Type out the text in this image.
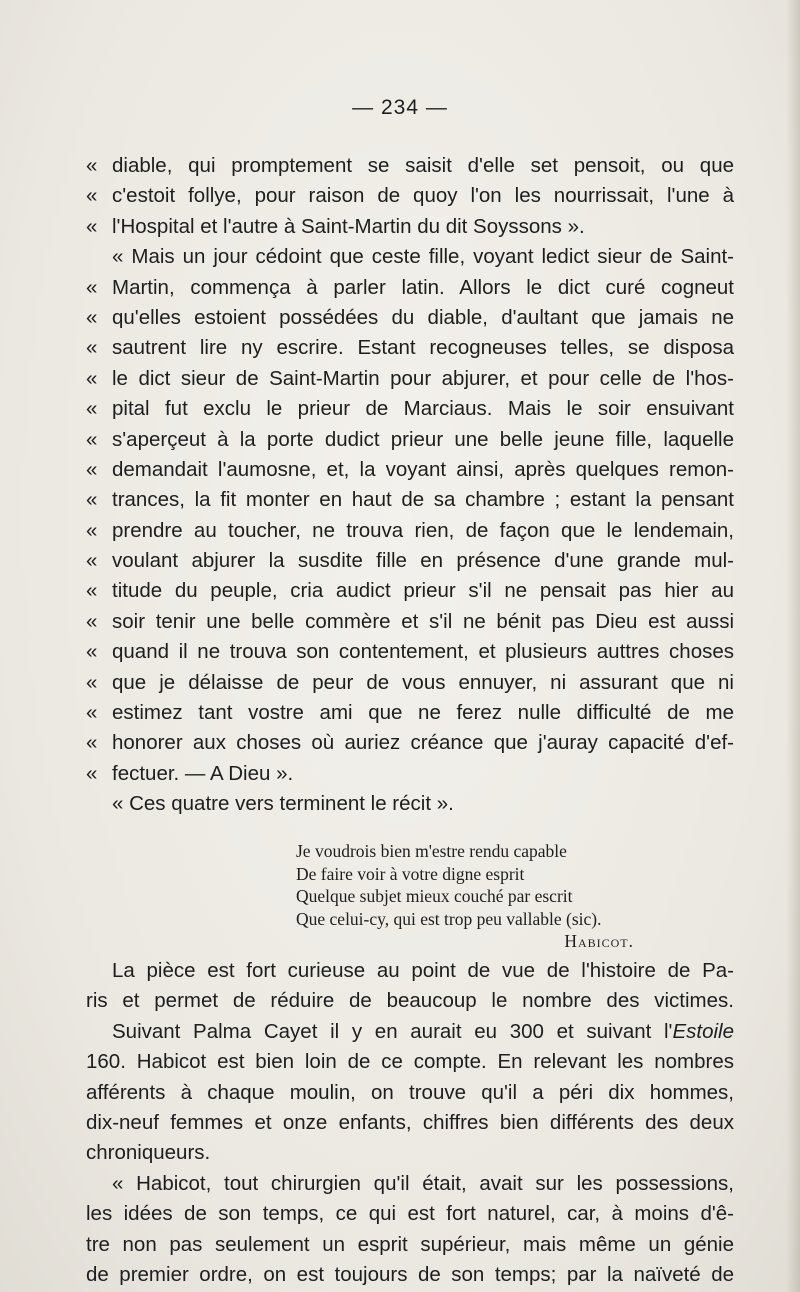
— 234 —
« diable, qui promptement se saisit d'elle set pensoit, ou que
« c'estoit follye, pour raison de quoy l'on les nourrissait, l'une à
« l'Hospital et l'autre à Saint-Martin du dit Soyssons ».
« Mais un jour cédoint que ceste fille, voyant ledict sieur de Saint-
« Martin, commença à parler latin. Allors le dict curé cogneut
« qu'elles estoient possédées du diable, d'aultant que jamais ne
« sautrent lire ny escrire. Estant recogneuses telles, se disposa
« le dict sieur de Saint-Martin pour abjurer, et pour celle de l'hos-
« pital fut exclu le prieur de Marciaus. Mais le soir ensuivant
« s'aperçeut à la porte dudict prieur une belle jeune fille, laquelle
« demandait l'aumosne, et, la voyant ainsi, après quelques remon-
« trances, la fit monter en haut de sa chambre ; estant la pensant
« prendre au toucher, ne trouva rien, de façon que le lendemain,
« voulant abjurer la susdite fille en présence d'une grande mul-
« titude du peuple, cria audict prieur s'il ne pensait pas hier au
« soir tenir une belle commère et s'il ne bénit pas Dieu est aussi
« quand il ne trouva son contentement, et plusieurs auttres choses
« que je délaisse de peur de vous ennuyer, ni assurant que ni
« estimez tant vostre ami que ne ferez nulle difficulté de me
« honorer aux choses où auriez créance que j'auray capacité d'ef-
« fectuer. — A Dieu ».
« Ces quatre vers terminent le récit ».
Je voudrois bien m'estre rendu capable
De faire voir à votre digne esprit
Quelque subjet mieux couché par escrit
Que celui-cy, qui est trop peu vallable (sic).
Habicot.
La pièce est fort curieuse au point de vue de l'histoire de Pa-
ris et permet de réduire de beaucoup le nombre des victimes.
Suivant Palma Cayet il y en aurait eu 300 et suivant l'Estoile
160. Habicot est bien loin de ce compte. En relevant les nombres
afférents à chaque moulin, on trouve qu'il a péri dix hommes,
dix-neuf femmes et onze enfants, chiffres bien différents des deux
chroniqueurs.
« Habicot, tout chirurgien qu'il était, avait sur les possessions,
les idées de son temps, ce qui est fort naturel, car, à moins d'ê-
tre non pas seulement un esprit supérieur, mais même un génie
de premier ordre, on est toujours de son temps; par la naïveté de
